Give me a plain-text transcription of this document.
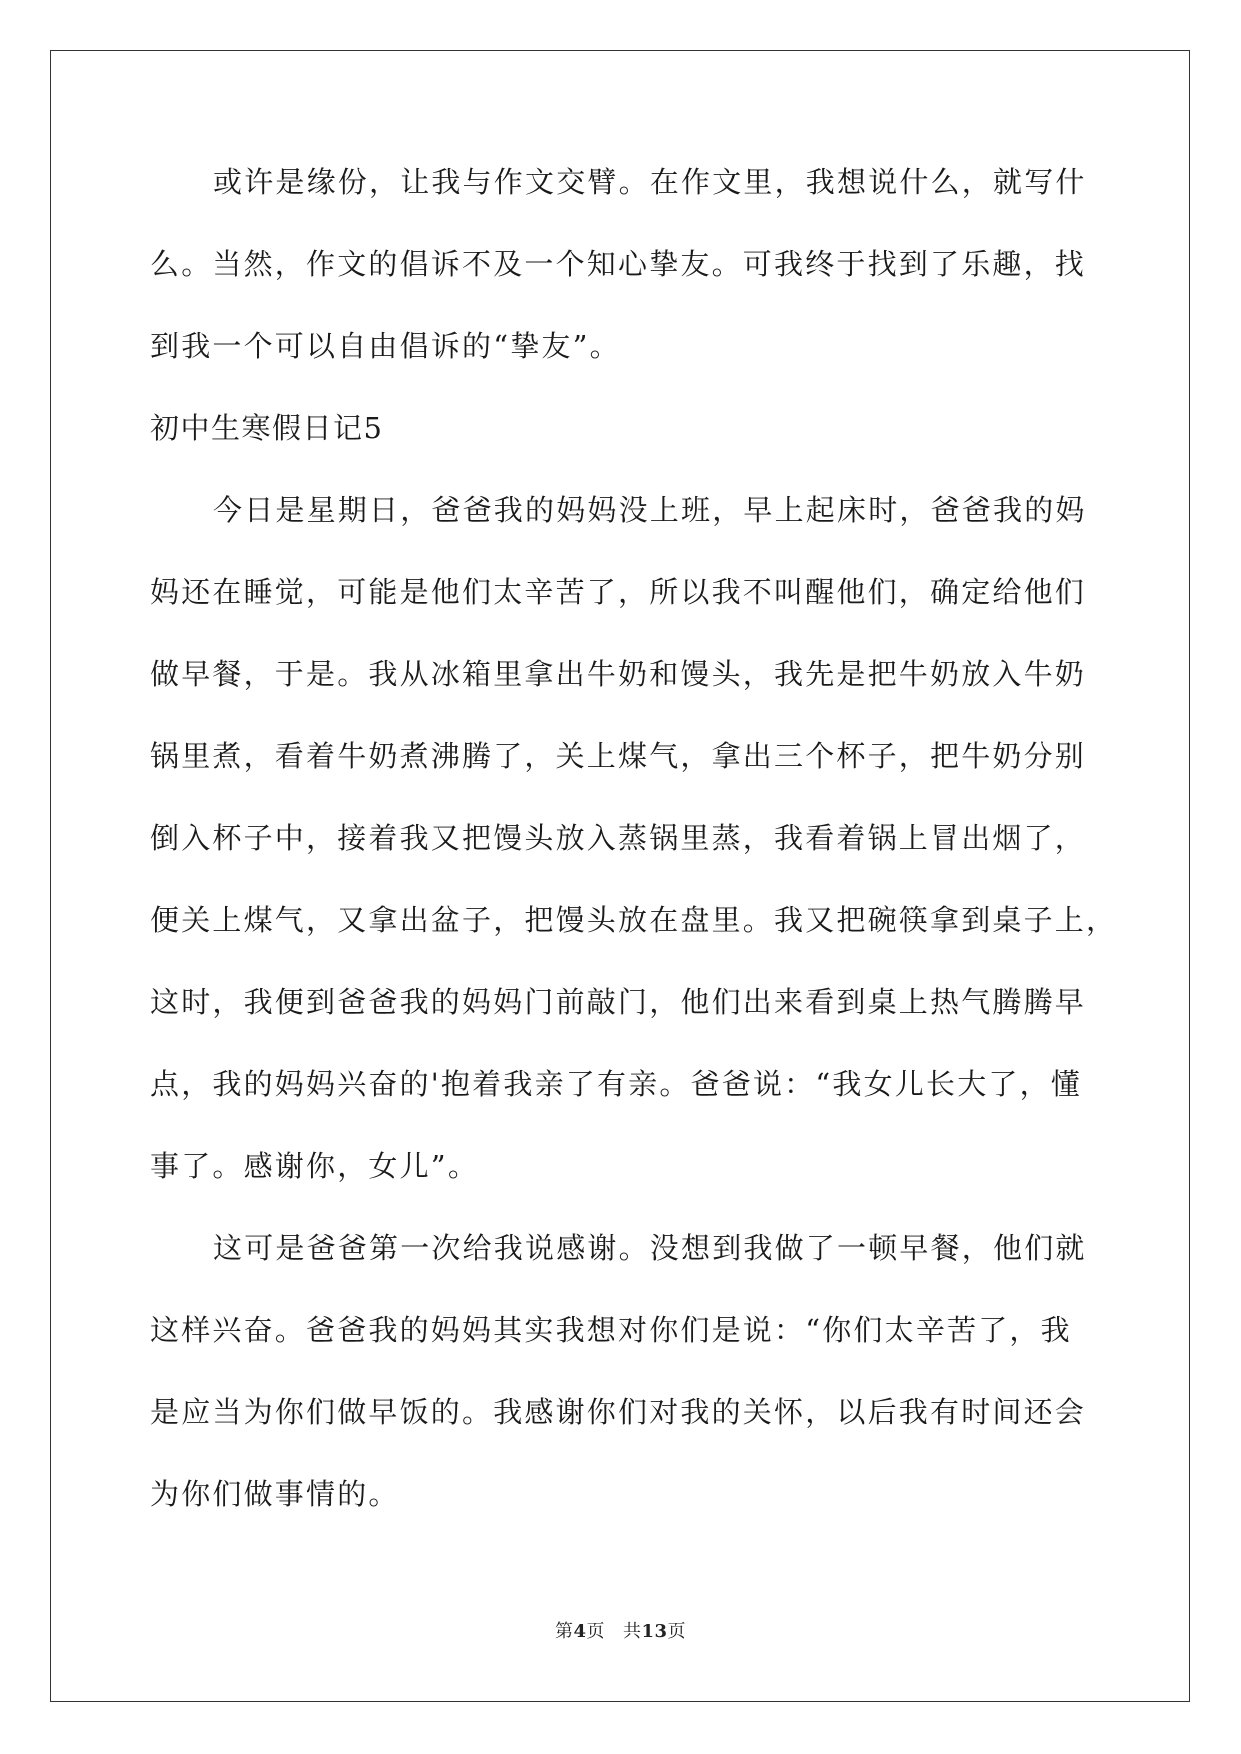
或许是缘份，让我与作文交臂。在作文里，我想说什么，就写什
么。当然，作文的倡诉不及一个知心挚友。可我终于找到了乐趣，找
到我一个可以自由倡诉的“挚友”。
初中生寒假日记5
今日是星期日，爸爸我的妈妈没上班，早上起床时，爸爸我的妈
妈还在睡觉，可能是他们太辛苦了，所以我不叫醒他们，确定给他们
做早餐，于是。我从冰箱里拿出牛奶和馒头，我先是把牛奶放入牛奶
锅里煮，看着牛奶煮沸腾了，关上煤气，拿出三个杯子，把牛奶分别
倒入杯子中，接着我又把馒头放入蒸锅里蒸，我看着锅上冒出烟了，
便关上煤气，又拿出盆子，把馒头放在盘里。我又把碗筷拿到桌子上，
这时，我便到爸爸我的妈妈门前敲门，他们出来看到桌上热气腾腾早
点，我的妈妈兴奋的'抱着我亲了有亲。爸爸说：“我女儿长大了，懂
事了。感谢你，女儿”。
这可是爸爸第一次给我说感谢。没想到我做了一顿早餐，他们就
这样兴奋。爸爸我的妈妈其实我想对你们是说：“你们太辛苦了，我
是应当为你们做早饭的。我感谢你们对我的关怀，以后我有时间还会
为你们做事情的。
第4页 共13页
